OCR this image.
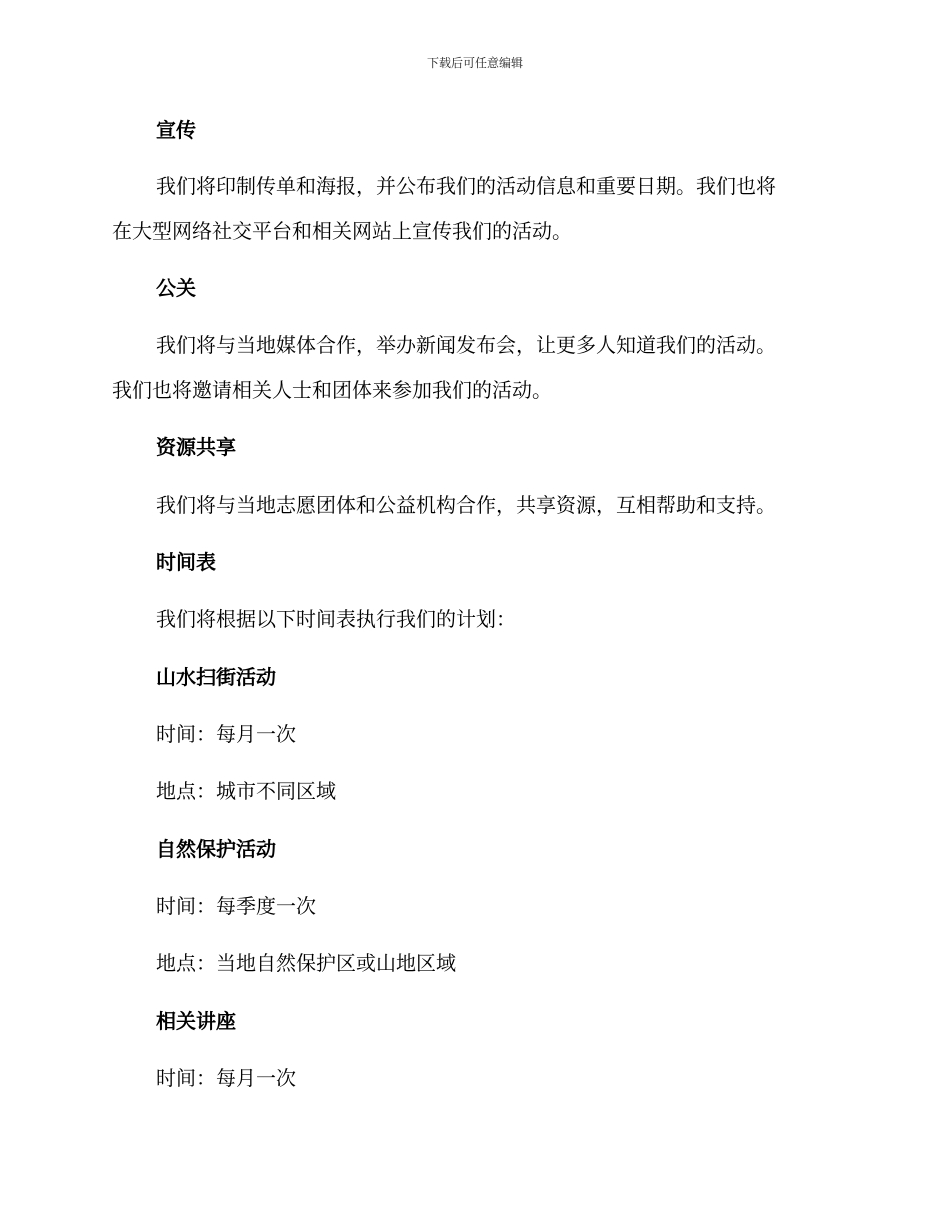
下载后可任意编辑
宣传
我们将印制传单和海报，并公布我们的活动信息和重要日期。我们也将
在大型网络社交平台和相关网站上宣传我们的活动。
公关
我们将与当地媒体合作，举办新闻发布会，让更多人知道我们的活动。
我们也将邀请相关人士和团体来参加我们的活动。
资源共享
我们将与当地志愿团体和公益机构合作，共享资源，互相帮助和支持。
时间表
我们将根据以下时间表执行我们的计划：
山水扫街活动
时间：每月一次
地点：城市不同区域
自然保护活动
时间：每季度一次
地点：当地自然保护区或山地区域
相关讲座
时间：每月一次
